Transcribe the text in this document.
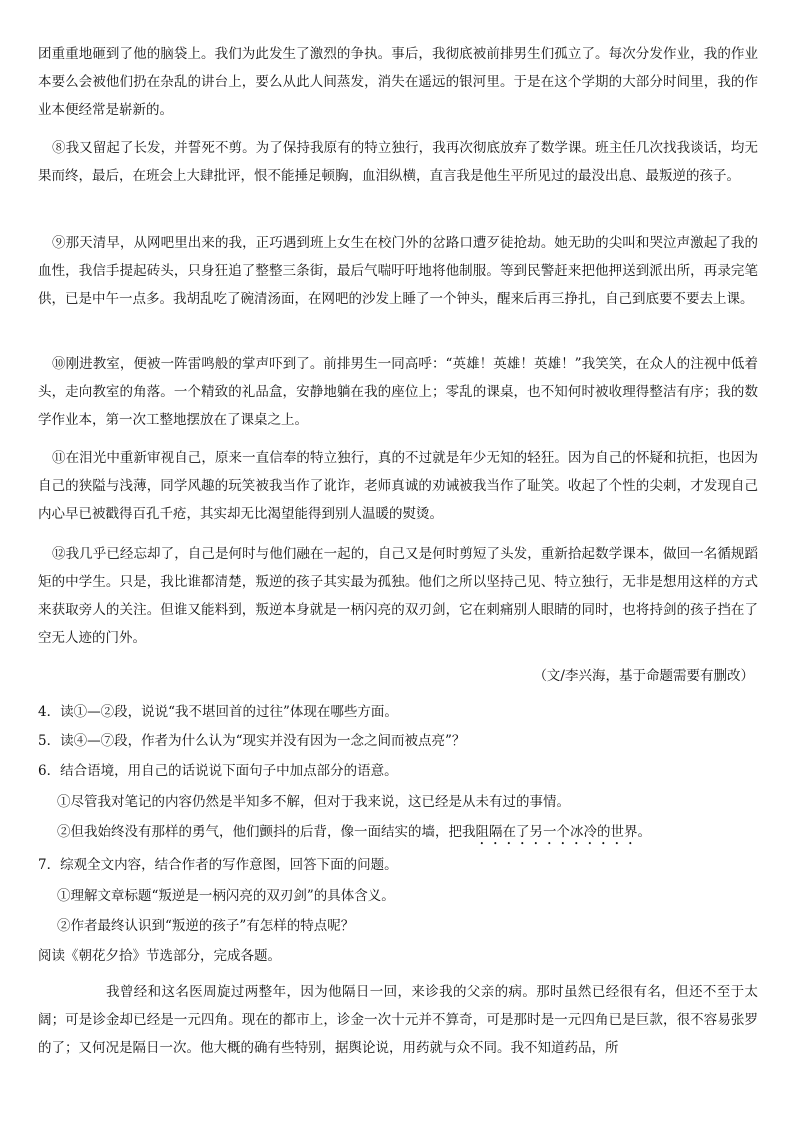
团重重地砸到了他的脑袋上。我们为此发生了激烈的争执。事后，我彻底被前排男生们孤立了。每次分发作业，我的作业本要么会被他们扔在杂乱的讲台上，要么从此人间蒸发，消失在遥远的银河里。于是在这个学期的大部分时间里，我的作业本便经常是崭新的。

⑧我又留起了长发，并誓死不剪。为了保持我原有的特立独行，我再次彻底放弃了数学课。班主任几次找我谈话，均无果而终，最后，在班会上大肆批评，恨不能捶足顿胸，血泪纵横，直言我是他生平所见过的最没出息、最叛逆的孩子。

⑨那天清早，从网吧里出来的我，正巧遇到班上女生在校门外的岔路口遭歹徒抢劫。她无助的尖叫和哭泣声激起了我的血性，我信手提起砖头，只身狂追了整整三条街，最后气喘吁吁地将他制服。等到民警赶来把他押送到派出所，再录完笔供，已是中午一点多。我胡乱吃了碗清汤面，在网吧的沙发上睡了一个钟头，醒来后再三挣扎，自己到底要不要去上课。

⑩刚进教室，便被一阵雷鸣般的掌声吓到了。前排男生一同高呼：“英雄！英雄！英雄！”我笑笑，在众人的注视中低着头，走向教室的角落。一个精致的礼品盒，安静地躺在我的座位上；零乱的课桌，也不知何时被收理得整洁有序；我的数学作业本，第一次工整地摆放在了课桌之上。

⑪在泪光中重新审视自己，原来一直信奉的特立独行，真的不过就是年少无知的轻狂。因为自己的怀疑和抗拒，也因为自己的狭隘与浅薄，同学风趣的玩笑被我当作了讹诈，老师真诚的劝诫被我当作了耻笑。收起了个性的尖刺，才发现自己内心早已被戳得百孔千疮，其实却无比渴望能得到别人温暖的熨烫。

⑫我几乎已经忘却了，自己是何时与他们融在一起的，自己又是何时剪短了头发，重新拾起数学课本，做回一名循规蹈矩的中学生。只是，我比谁都清楚，叛逆的孩子其实最为孤独。他们之所以坚持己见、特立独行，无非是想用这样的方式来获取旁人的关注。但谁又能料到，叛逆本身就是一柄闪亮的双刃剑，它在刺痛别人眼睛的同时，也将持剑的孩子挡在了空无人迹的门外。

（文/李兴海，基于命题需要有删改）

4．读①—②段，说说“我不堪回首的过往”体现在哪些方面。

5．读④—⑦段，作者为什么认为“现实并没有因为一念之间而被点亮”？

6．结合语境，用自己的话说说下面句子中加点部分的语意。

①尽管我对笔记的内容仍然是半知多不解，但对于我来说，这已经是从未有过的事情。

②但我始终没有那样的勇气，他们颤抖的后背，像一面结实的墙，把我阻隔在了另一个冰冷的世界。

7．综观全文内容，结合作者的写作意图，回答下面的问题。

①理解文章标题“叛逆是一柄闪亮的双刃剑”的具体含义。

②作者最终认识到“叛逆的孩子”有怎样的特点呢？

阅读《朝花夕拾》节选部分，完成各题。

我曾经和这名医周旋过两整年，因为他隔日一回，来诊我的父亲的病。那时虽然已经很有名，但还不至于太阔；可是诊金却已经是一元四角。现在的都市上，诊金一次十元并不算奇，可是那时是一元四角已是巨款，很不容易张罗的了；又何况是隔日一次。他大概的确有些特别，据舆论说，用药就与众不同。我不知道药品，所
